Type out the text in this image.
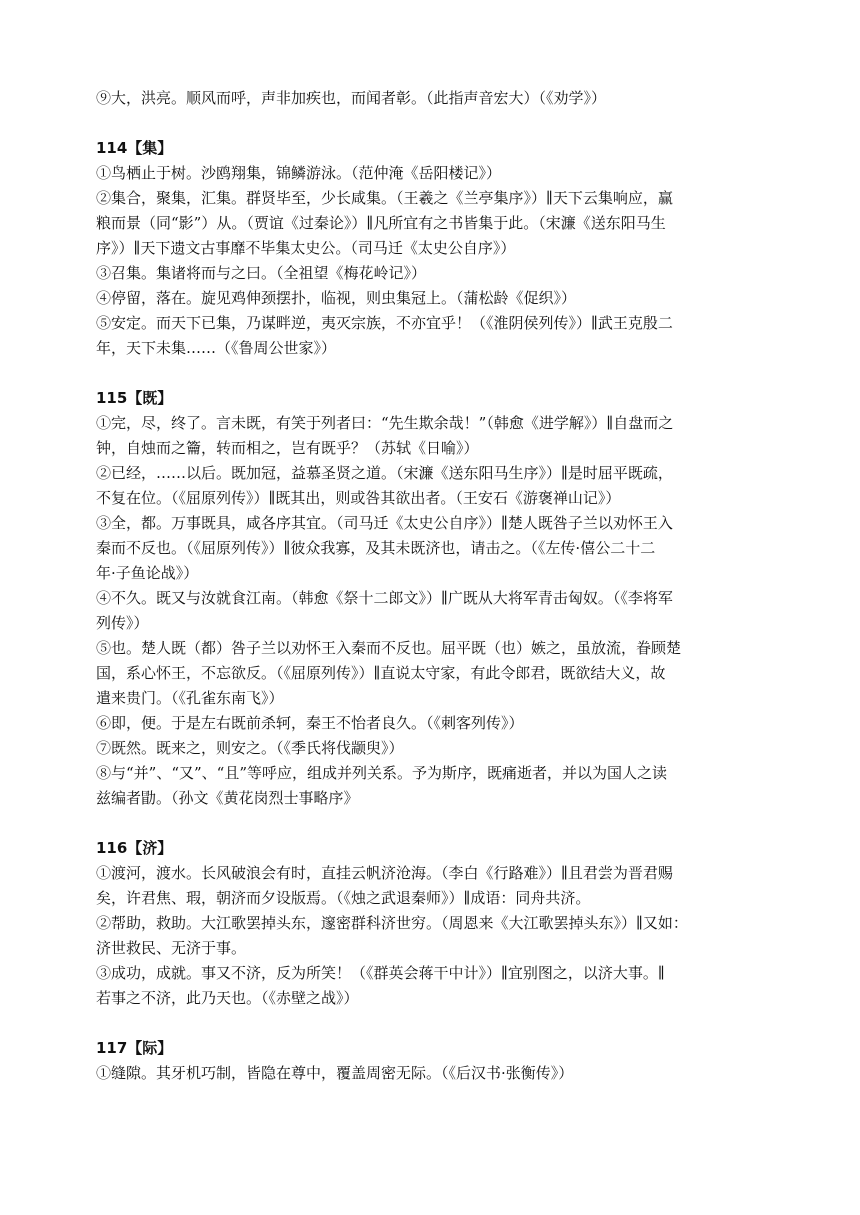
⑨大，洪亮。顺风而呼，声非加疾也，而闻者彰。（此指声音宏大）（《劝学》）
114【集】
①鸟栖止于树。沙鸥翔集，锦鳞游泳。（范仲淹《岳阳楼记》）
②集合，聚集，汇集。群贤毕至，少长咸集。（王羲之《兰亭集序》）∥天下云集响应，赢
粮而景（同“影”）从。（贾谊《过秦论》）∥凡所宜有之书皆集于此。（宋濂《送东阳马生
序》）∥天下遗文古事靡不毕集太史公。（司马迁《太史公自序》）
③召集。集诸将而与之曰。（全祖望《梅花岭记》）
④停留，落在。旋见鸡伸颈摆扑，临视，则虫集冠上。（蒲松龄《促织》）
⑤安定。而天下已集，乃谋畔逆，夷灭宗族，不亦宜乎！（《淮阴侯列传》）∥武王克殷二
年，天下未集……（《鲁周公世家》）
115【既】
①完，尽，终了。言未既，有笑于列者曰：“先生欺余哉！”（韩愈《进学解》）∥自盘而之
钟，自烛而之籥，转而相之，岂有既乎？（苏轼《日喻》）
②已经，……以后。既加冠，益慕圣贤之道。（宋濂《送东阳马生序》）∥是时屈平既疏，
不复在位。（《屈原列传》）∥既其出，则或咎其欲出者。（王安石《游褒禅山记》）
③全，都。万事既具，咸各序其宜。（司马迁《太史公自序》）∥楚人既咎子兰以劝怀王入
秦而不反也。（《屈原列传》）∥彼众我寡，及其未既济也，请击之。（《左传·僖公二十二
年·子鱼论战》）
④不久。既又与汝就食江南。（韩愈《祭十二郎文》）∥广既从大将军青击匈奴。（《李将军
列传》）
⑤也。楚人既（都）咎子兰以劝怀王入秦而不反也。屈平既（也）嫉之，虽放流，眷顾楚
国，系心怀王，不忘欲反。（《屈原列传》）∥直说太守家，有此令郎君，既欲结大义，故
遣来贵门。（《孔雀东南飞》）
⑥即，便。于是左右既前杀轲，秦王不怡者良久。（《刺客列传》）
⑦既然。既来之，则安之。（《季氏将伐颛臾》）
⑧与“并”、“又”、“且”等呼应，组成并列关系。予为斯序，既痛逝者，并以为国人之读
兹编者勖。（孙文《黄花岗烈士事略序》
116【济】
①渡河，渡水。长风破浪会有时，直挂云帆济沧海。（李白《行路难》）∥且君尝为晋君赐
矣，许君焦、瑕，朝济而夕设版焉。（《烛之武退秦师》）∥成语：同舟共济。
②帮助，救助。大江歌罢掉头东，邃密群科济世穷。（周恩来《大江歌罢掉头东》）∥又如：
济世救民、无济于事。
③成功，成就。事又不济，反为所笑！（《群英会蒋干中计》）∥宜别图之，以济大事。∥
若事之不济，此乃天也。（《赤壁之战》）
117【际】
①缝隙。其牙机巧制，皆隐在尊中，覆盖周密无际。（《后汉书·张衡传》）
